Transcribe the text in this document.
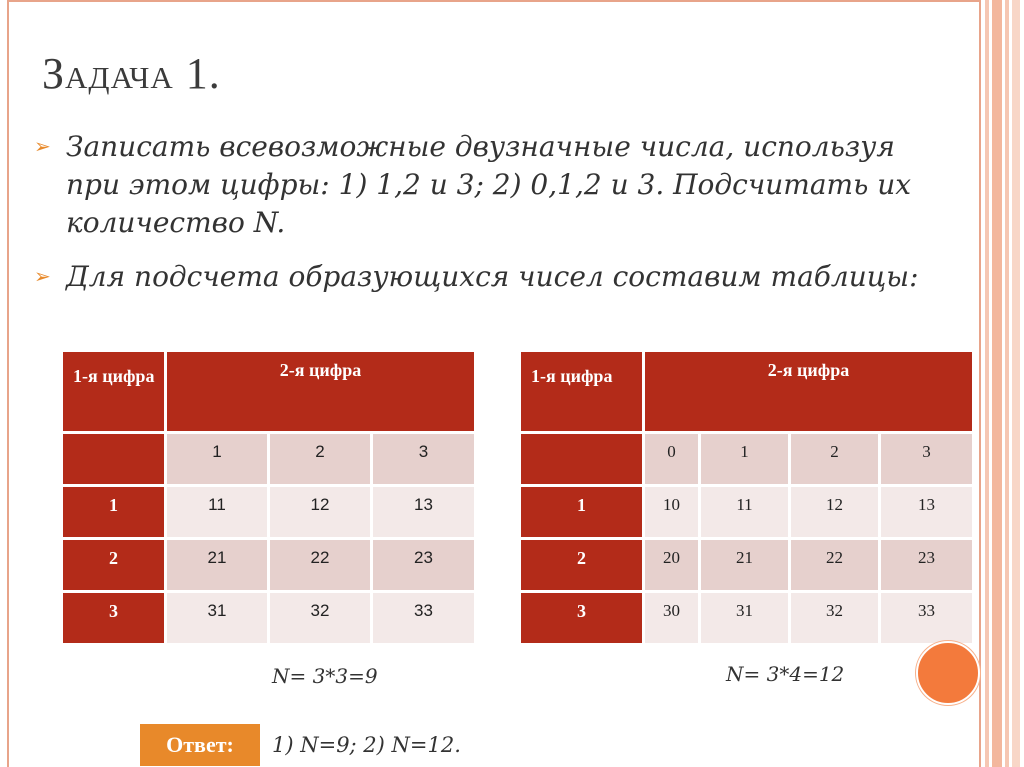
Задача 1.
➢ Записать всевозможные двузначные числа, используя при этом цифры: 1) 1,2 и 3; 2) 0,1,2 и 3. Подсчитать их количество N.
➢ Для подсчета образующихся чисел составим таблицы:
1-я цифра	2-я цифра		

	1	2	3
1	11	12	13
2	21	22	23
3	31	32	33
N= 3*3=9
1-я цифра	2-я цифра			

	0	1	2	3
1	10	11	12	13
2	20	21	22	23
3	30	31	32	33
N= 3*4=12
Ответ:	1) N=9; 2) N=12.
